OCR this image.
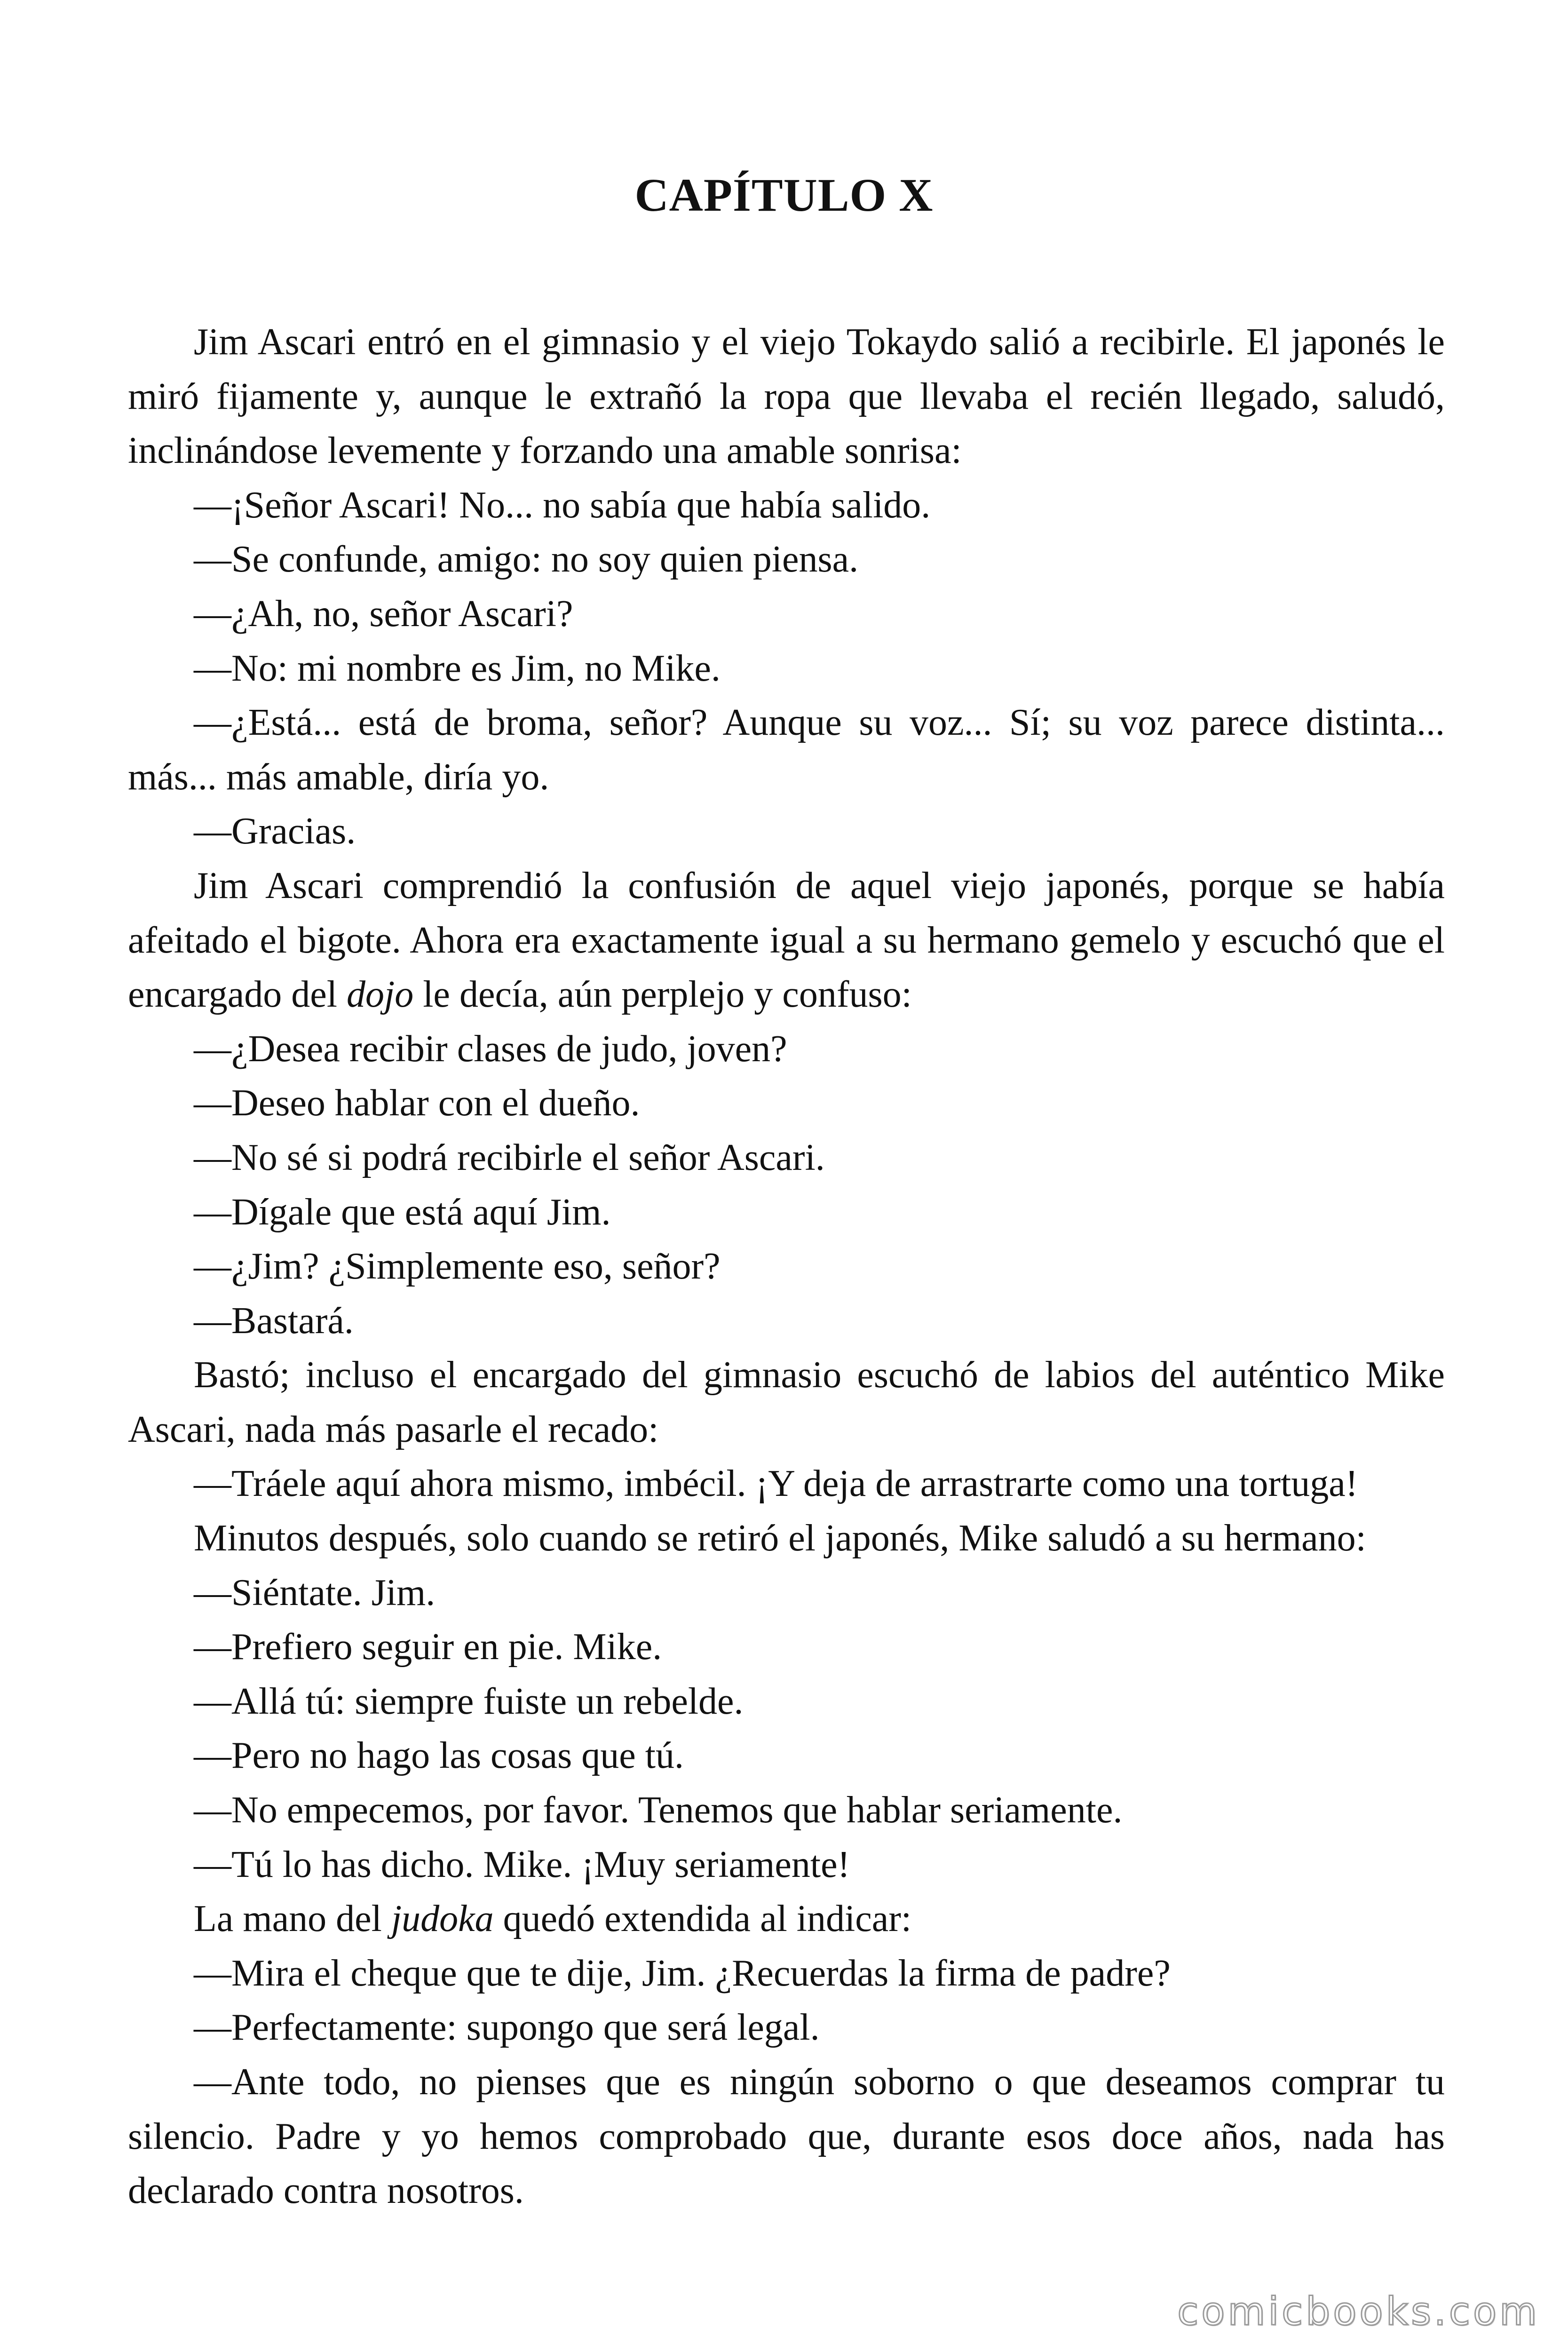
CAPÍTULO X

Jim Ascari entró en el gimnasio y el viejo Tokaydo salió a recibirle. El japonés le miró fijamente y, aunque le extrañó la ropa que llevaba el recién llegado, saludó, inclinándose levemente y forzando una amable sonrisa:

—¡Señor Ascari! No... no sabía que había salido.

—Se confunde, amigo: no soy quien piensa.

—¿Ah, no, señor Ascari?

—No: mi nombre es Jim, no Mike.

—¿Está... está de broma, señor? Aunque su voz... Sí; su voz parece distinta... más... más amable, diría yo.

—Gracias.

Jim Ascari comprendió la confusión de aquel viejo japonés, porque se había afeitado el bigote. Ahora era exactamente igual a su hermano gemelo y escuchó que el encargado del dojo le decía, aún perplejo y confuso:

—¿Desea recibir clases de judo, joven?

—Deseo hablar con el dueño.

—No sé si podrá recibirle el señor Ascari.

—Dígale que está aquí Jim.

—¿Jim? ¿Simplemente eso, señor?

—Bastará.

Bastó; incluso el encargado del gimnasio escuchó de labios del auténtico Mike Ascari, nada más pasarle el recado:

—Tráele aquí ahora mismo, imbécil. ¡Y deja de arrastrarte como una tortuga!

Minutos después, solo cuando se retiró el japonés, Mike saludó a su hermano:

—Siéntate. Jim.

—Prefiero seguir en pie. Mike.

—Allá tú: siempre fuiste un rebelde.

—Pero no hago las cosas que tú.

—No empecemos, por favor. Tenemos que hablar seriamente.

—Tú lo has dicho. Mike. ¡Muy seriamente!

La mano del judoka quedó extendida al indicar:

—Mira el cheque que te dije, Jim. ¿Recuerdas la firma de padre?

—Perfectamente: supongo que será legal.

—Ante todo, no pienses que es ningún soborno o que deseamos comprar tu silencio. Padre y yo hemos comprobado que, durante esos doce años, nada has declarado contra nosotros.

comicbooks.com
